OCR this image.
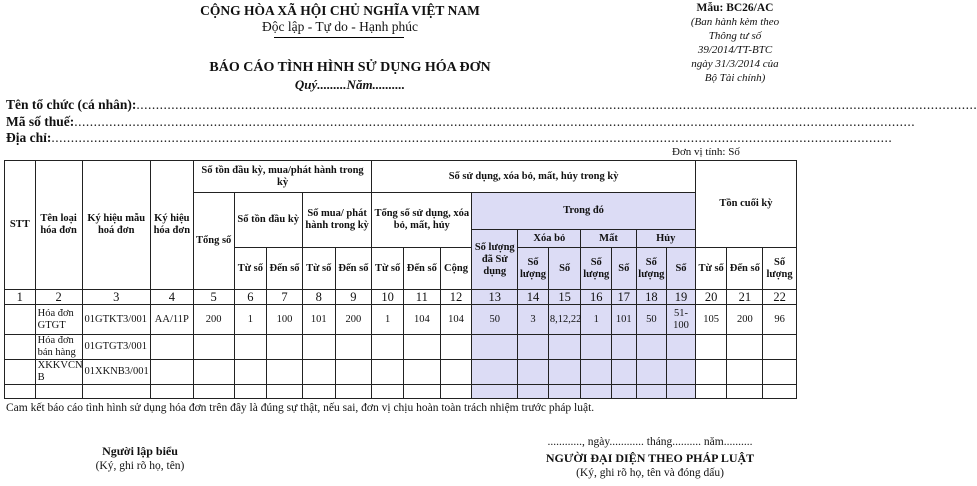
CỘNG HÒA XÃ HỘI CHỦ NGHĨA VIỆT NAM
Độc lập - Tự do - Hạnh phúc
Mẫu: BC26/AC
(Ban hành kèm theo
Thông tư số
39/2014/TT-BTC
ngày 31/3/2014 của
Bộ Tài chính)
BÁO CÁO TÌNH HÌNH SỬ DỤNG HÓA ĐƠN
Quý.........Năm..........
Tên tổ chức (cá nhân):.........................................................................................................................................................................................................................
Mã số thuế:.........................................................................................................................................................................................................................
Địa chỉ:.........................................................................................................................................................................................................................
Đơn vị tính: Số
STT	Tên loại hóa đơn	Ký hiệu mẫu hoá đơn	Ký hiệu hóa đơn	Số tồn đầu kỳ, mua/phát hành trong kỳ					Số sử dụng, xóa bỏ, mất, hủy trong kỳ										Tồn cuối kỳ		
				Tổng số	Số tồn đầu kỳ		Số mua/ phát hành trong kỳ		Tổng số sử dụng, xóa bỏ, mất, hủy			Trong đó									
												Số lượng đã Sử dụng	Xóa bỏ		Mất		Hủy				
					Từ số	Đến số	Từ số	Đến số	Từ số	Đến số	Cộng		Số lượng	Số	Số lượng	Số	Số lượng	Số	Từ số	Đến số	Số lượng
1	2	3	4	5	6	7	8	9	10	11	12	13	14	15	16	17	18	19	20	21	22
	Hóa đơn GTGT	01GTKT3/001	AA/11P	200	1	100	101	200	1	104	104	50	3	8,12,22	1	101	50	51-100	105	200	96
	Hóa đơn bán hàng	01GTGT3/001																			
	XKKVCN B	01XKNB3/001																			

Cam kết báo cáo tình hình sử dụng hóa đơn trên đây là đúng sự thật, nếu sai, đơn vị chịu hoàn toàn trách nhiệm trước pháp luật.
Người lập biểu
(Ký, ghi rõ họ, tên)
............, ngày............ tháng.......... năm..........
NGƯỜI ĐẠI DIỆN THEO PHÁP LUẬT
(Ký, ghi rõ họ, tên và đóng dấu)
